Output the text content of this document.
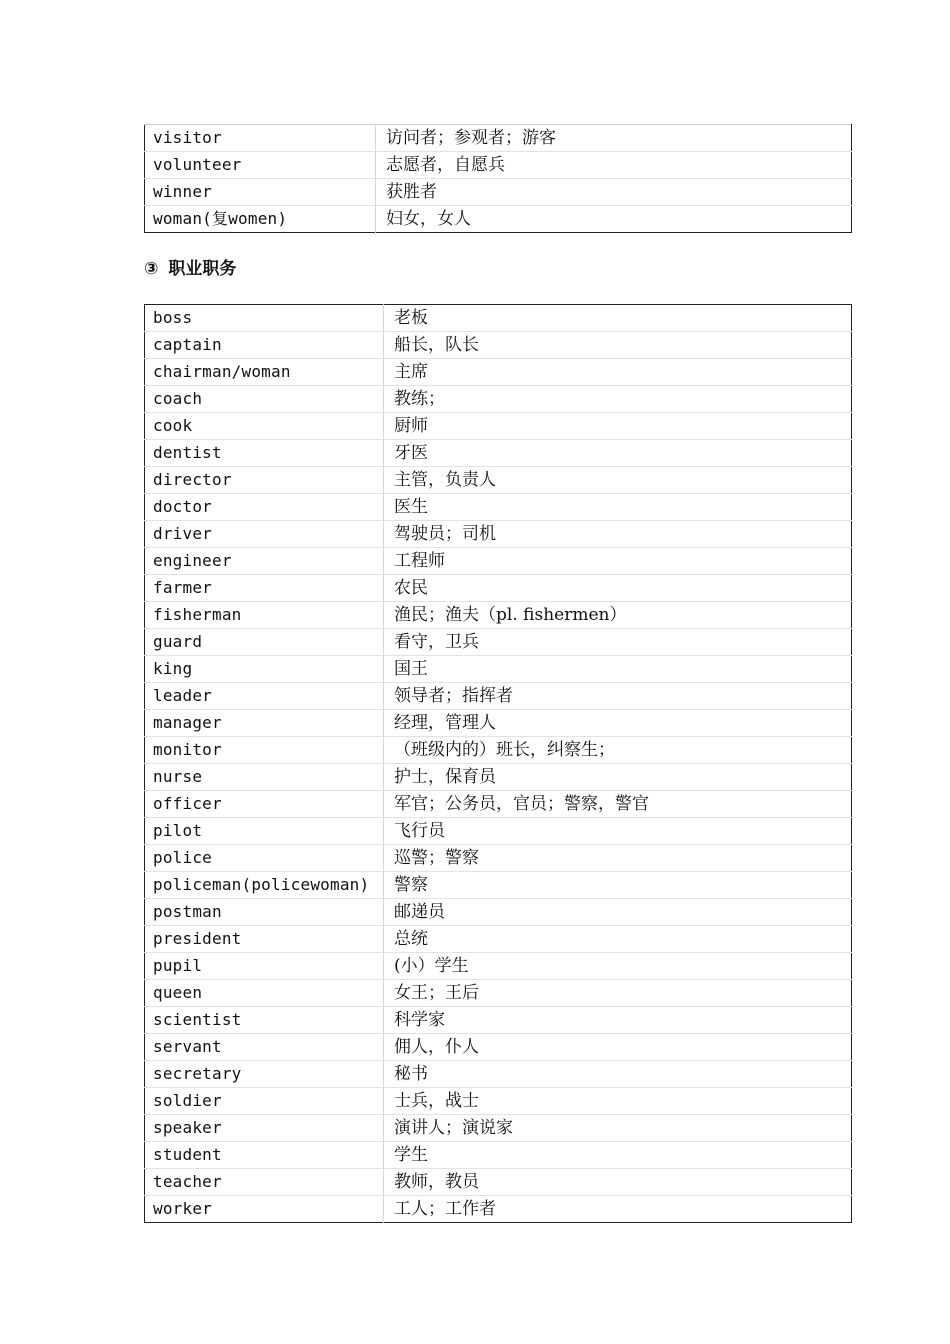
visitor	访问者；参观者；游客
volunteer	志愿者，自愿兵
winner	获胜者
woman(复women)	妇女，女人
③ 职业职务
boss	老板
captain	船长，队长
chairman/woman	主席
coach	教练；
cook	厨师
dentist	牙医
director	主管，负责人
doctor	医生
driver	驾驶员；司机
engineer	工程师
farmer	农民
fisherman	渔民；渔夫（pl. fishermen）
guard	看守，卫兵
king	国王
leader	领导者；指挥者
manager	经理，管理人
monitor	（班级内的）班长，纠察生；
nurse	护士，保育员
officer	军官；公务员，官员；警察，警官
pilot	飞行员
police	巡警；警察
policeman(policewoman)	警察
postman	邮递员
president	总统
pupil	(小）学生
queen	女王；王后
scientist	科学家
servant	佣人，仆人
secretary	秘书
soldier	士兵，战士
speaker	演讲人；演说家
student	学生
teacher	教师，教员
worker	工人；工作者
